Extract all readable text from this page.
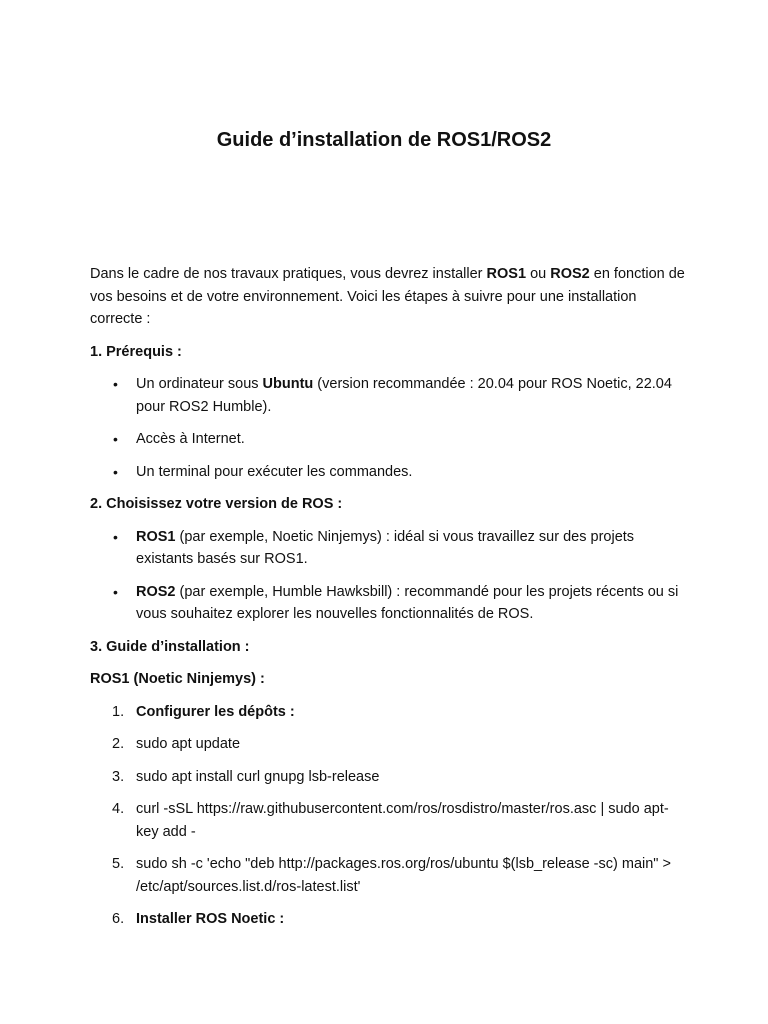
Guide d’installation de ROS1/ROS2

Dans le cadre de nos travaux pratiques, vous devrez installer ROS1 ou ROS2 en fonction de vos besoins et de votre environnement. Voici les étapes à suivre pour une installation correcte :

1. Prérequis :

• Un ordinateur sous Ubuntu (version recommandée : 20.04 pour ROS Noetic, 22.04 pour ROS2 Humble).
• Accès à Internet.
• Un terminal pour exécuter les commandes.

2. Choisissez votre version de ROS :

• ROS1 (par exemple, Noetic Ninjemys) : idéal si vous travaillez sur des projets existants basés sur ROS1.
• ROS2 (par exemple, Humble Hawksbill) : recommandé pour les projets récents ou si vous souhaitez explorer les nouvelles fonctionnalités de ROS.

3. Guide d’installation :

ROS1 (Noetic Ninjemys) :

1. Configurer les dépôts :
2. sudo apt update
3. sudo apt install curl gnupg lsb-release
4. curl -sSL https://raw.githubusercontent.com/ros/rosdistro/master/ros.asc | sudo apt-key add -
5. sudo sh -c 'echo "deb http://packages.ros.org/ros/ubuntu $(lsb_release -sc) main" > /etc/apt/sources.list.d/ros-latest.list'
6. Installer ROS Noetic :
